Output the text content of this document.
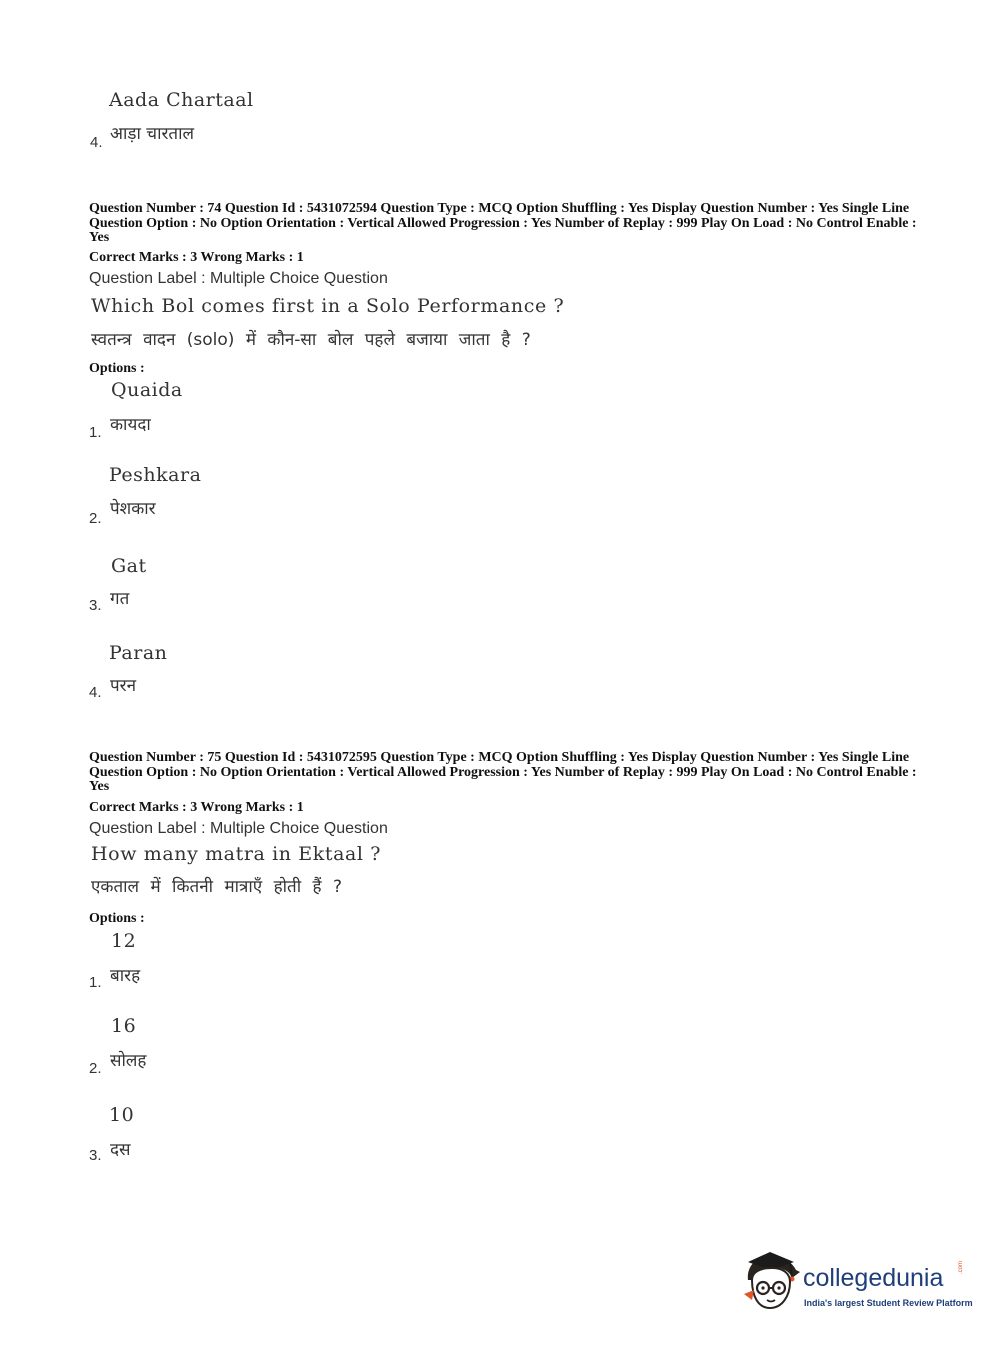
Aada Chartaal
आड़ा चारताल
4.
Question Number : 74 Question Id : 5431072594 Question Type : MCQ Option Shuffling : Yes Display Question Number : Yes Single Line Question Option : No Option Orientation : Vertical Allowed Progression : Yes Number of Replay : 999 Play On Load : No Control Enable : Yes
Correct Marks : 3 Wrong Marks : 1
Question Label : Multiple Choice Question
Which Bol comes first in a Solo Performance ?
स्वतन्त्र वादन (solo) में कौन-सा बोल पहले बजाया जाता है ?
Options :
Quaida
कायदा
1.
Peshkara
पेशकार
2.
Gat
गत
3.
Paran
परन
4.
Question Number : 75 Question Id : 5431072595 Question Type : MCQ Option Shuffling : Yes Display Question Number : Yes Single Line Question Option : No Option Orientation : Vertical Allowed Progression : Yes Number of Replay : 999 Play On Load : No Control Enable : Yes
Correct Marks : 3 Wrong Marks : 1
Question Label : Multiple Choice Question
How many matra in Ektaal ?
एकताल में कितनी मात्राएँ होती हैं ?
Options :
12
बारह
1.
16
सोलह
2.
10
दस
3.
collegedunia .com
India's largest Student Review Platform
